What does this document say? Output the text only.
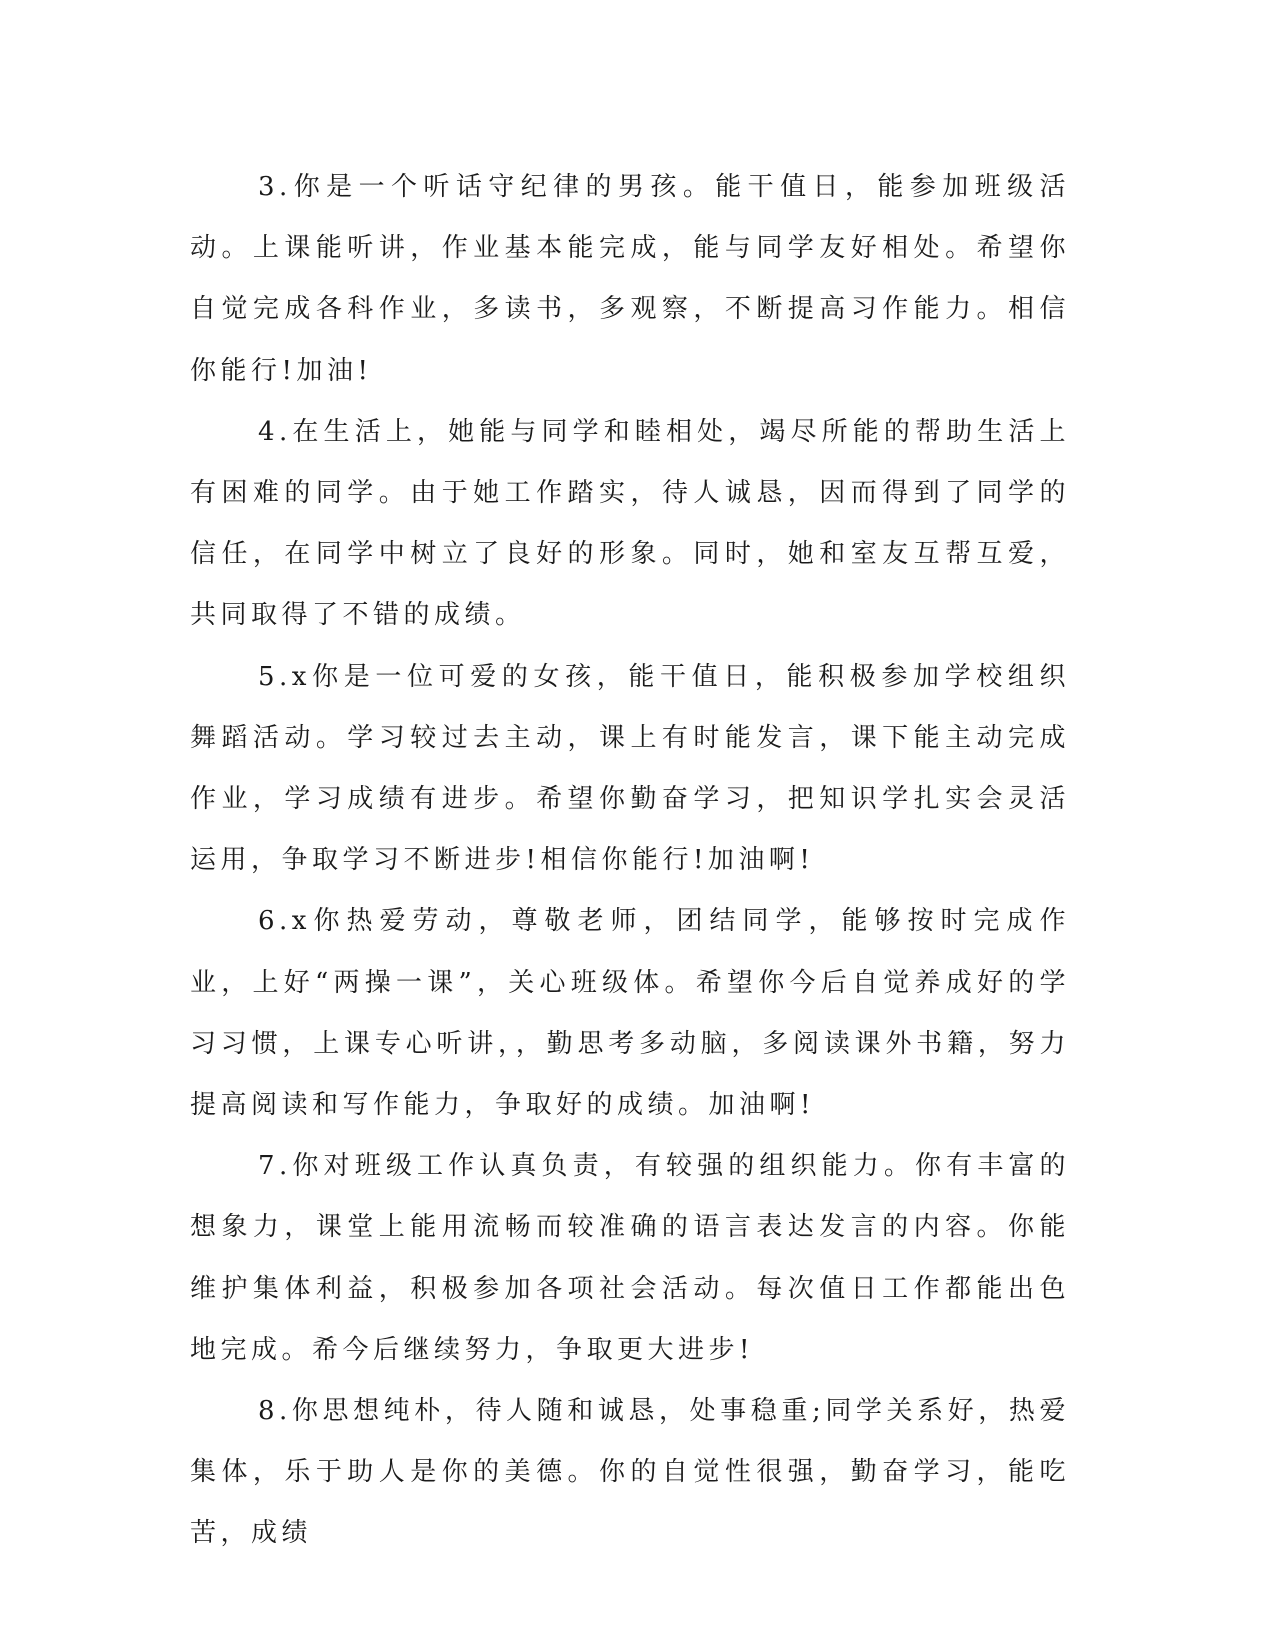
3.你是一个听话守纪律的男孩。能干值日，能参加班级活动。上课能听讲，作业基本能完成，能与同学友好相处。希望你自觉完成各科作业，多读书，多观察，不断提高习作能力。相信你能行!加油!

4.在生活上，她能与同学和睦相处，竭尽所能的帮助生活上有困难的同学。由于她工作踏实，待人诚恳，因而得到了同学的信任，在同学中树立了良好的形象。同时，她和室友互帮互爱，共同取得了不错的成绩。

5.x你是一位可爱的女孩，能干值日，能积极参加学校组织舞蹈活动。学习较过去主动，课上有时能发言，课下能主动完成作业，学习成绩有进步。希望你勤奋学习，把知识学扎实会灵活运用，争取学习不断进步!相信你能行!加油啊!

6.x你热爱劳动，尊敬老师，团结同学，能够按时完成作业，上好“两操一课”，关心班级体。希望你今后自觉养成好的学习习惯，上课专心听讲，，勤思考多动脑，多阅读课外书籍，努力提高阅读和写作能力，争取好的成绩。加油啊!

7.你对班级工作认真负责，有较强的组织能力。你有丰富的想象力，课堂上能用流畅而较准确的语言表达发言的内容。你能维护集体利益，积极参加各项社会活动。每次值日工作都能出色地完成。希今后继续努力，争取更大进步!

8.你思想纯朴，待人随和诚恳，处事稳重;同学关系好，热爱集体，乐于助人是你的美德。你的自觉性很强，勤奋学习，能吃苦，成绩
